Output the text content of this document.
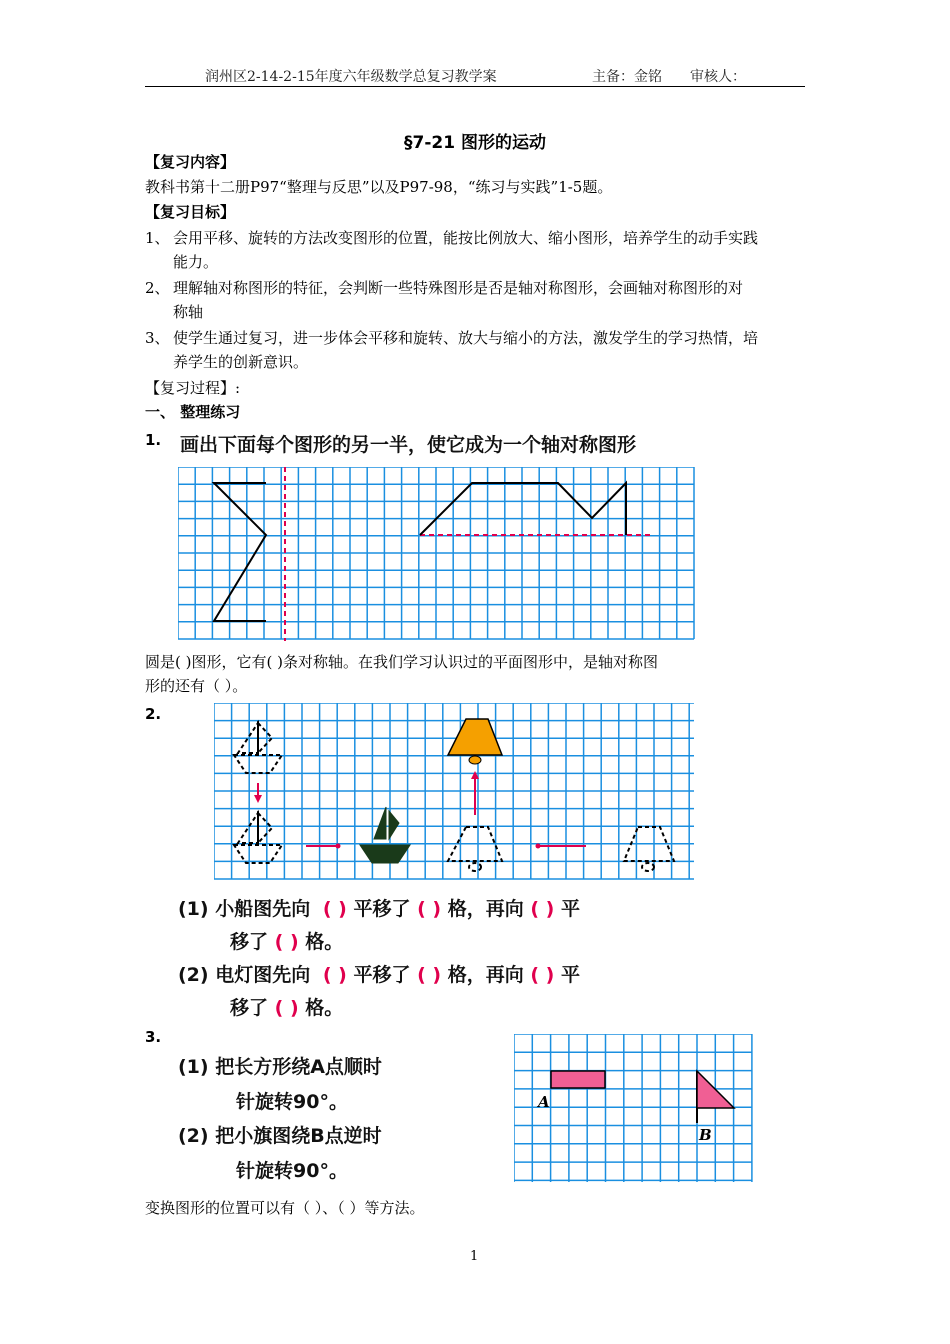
润州区2-14-2-15年度六年级数学总复习教学案	主备：金铭 审核人：
§7-21 图形的运动
【复习内容】
教科书第十二册P97“整理与反思”以及P97-98，“练习与实践”1-5题。
【复习目标】
1、 会用平移、旋转的方法改变图形的位置，能按比例放大、缩小图形，培养学生的动手实践
能力。
2、 理解轴对称图形的特征，会判断一些特殊图形是否是轴对称图形，会画轴对称图形的对
称轴
3、 使学生通过复习，进一步体会平移和旋转、放大与缩小的方法，激发学生的学习热情，培
养学生的创新意识。
【复习过程】:
一、 整理练习
1. 画出下面每个图形的另一半，使它成为一个轴对称图形
圆是( )图形，它有( )条对称轴。在我们学习认识过的平面图形中，是轴对称图
形的还有（ ）。
2.
(1) 小船图先向 ( ) 平移了 ( ) 格，再向 ( ) 平
移了 ( ) 格。
(2) 电灯图先向 ( ) 平移了 ( ) 格，再向 ( ) 平
移了 ( ) 格。
3.
(1) 把长方形绕A点顺时
针旋转90°。
(2) 把小旗图绕B点逆时
针旋转90°。
A
B
变换图形的位置可以有（ ）、（ ）等方法。
1
